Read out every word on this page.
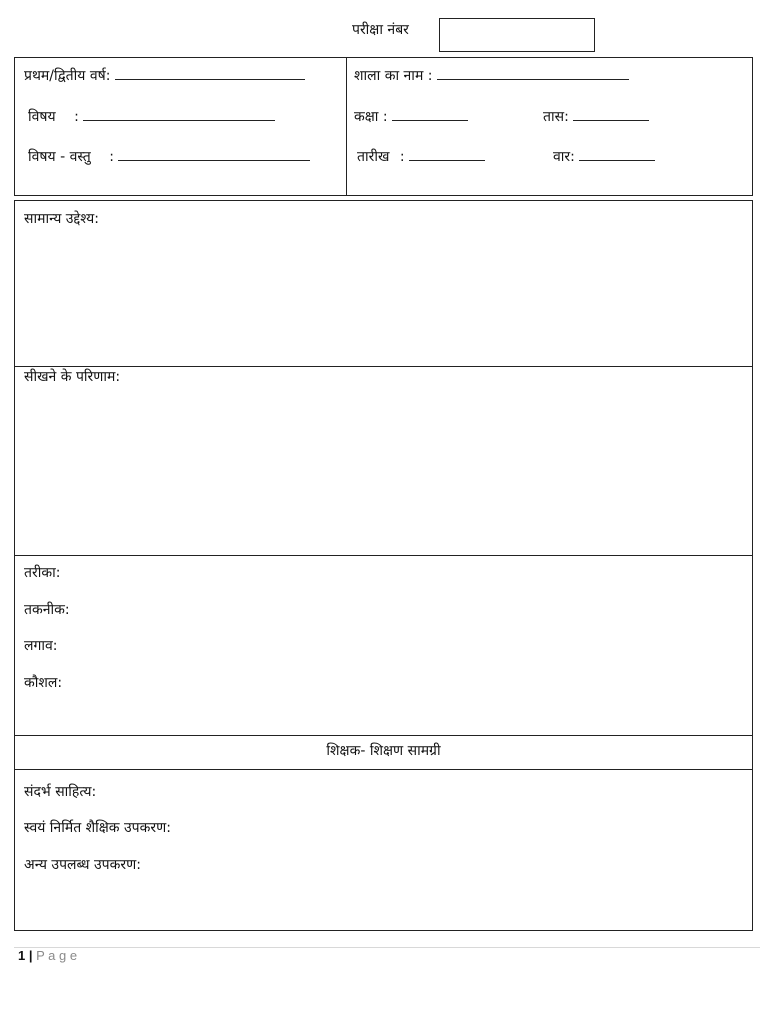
परीक्षा नंबर
प्रथम/द्वितीय वर्ष:
विषय :
विषय - वस्तु :
शाला का नाम :
कक्षा :	तास:
तारीख :	वार:
सामान्य उद्देश्य:
सीखने के परिणाम:
तरीका:
तकनीक:
लगाव:
कौशल:
शिक्षक- शिक्षण सामग्री
संदर्भ साहित्य:
स्वयं निर्मित शैक्षिक उपकरण:
अन्य उपलब्ध उपकरण:
1 | P a g e
